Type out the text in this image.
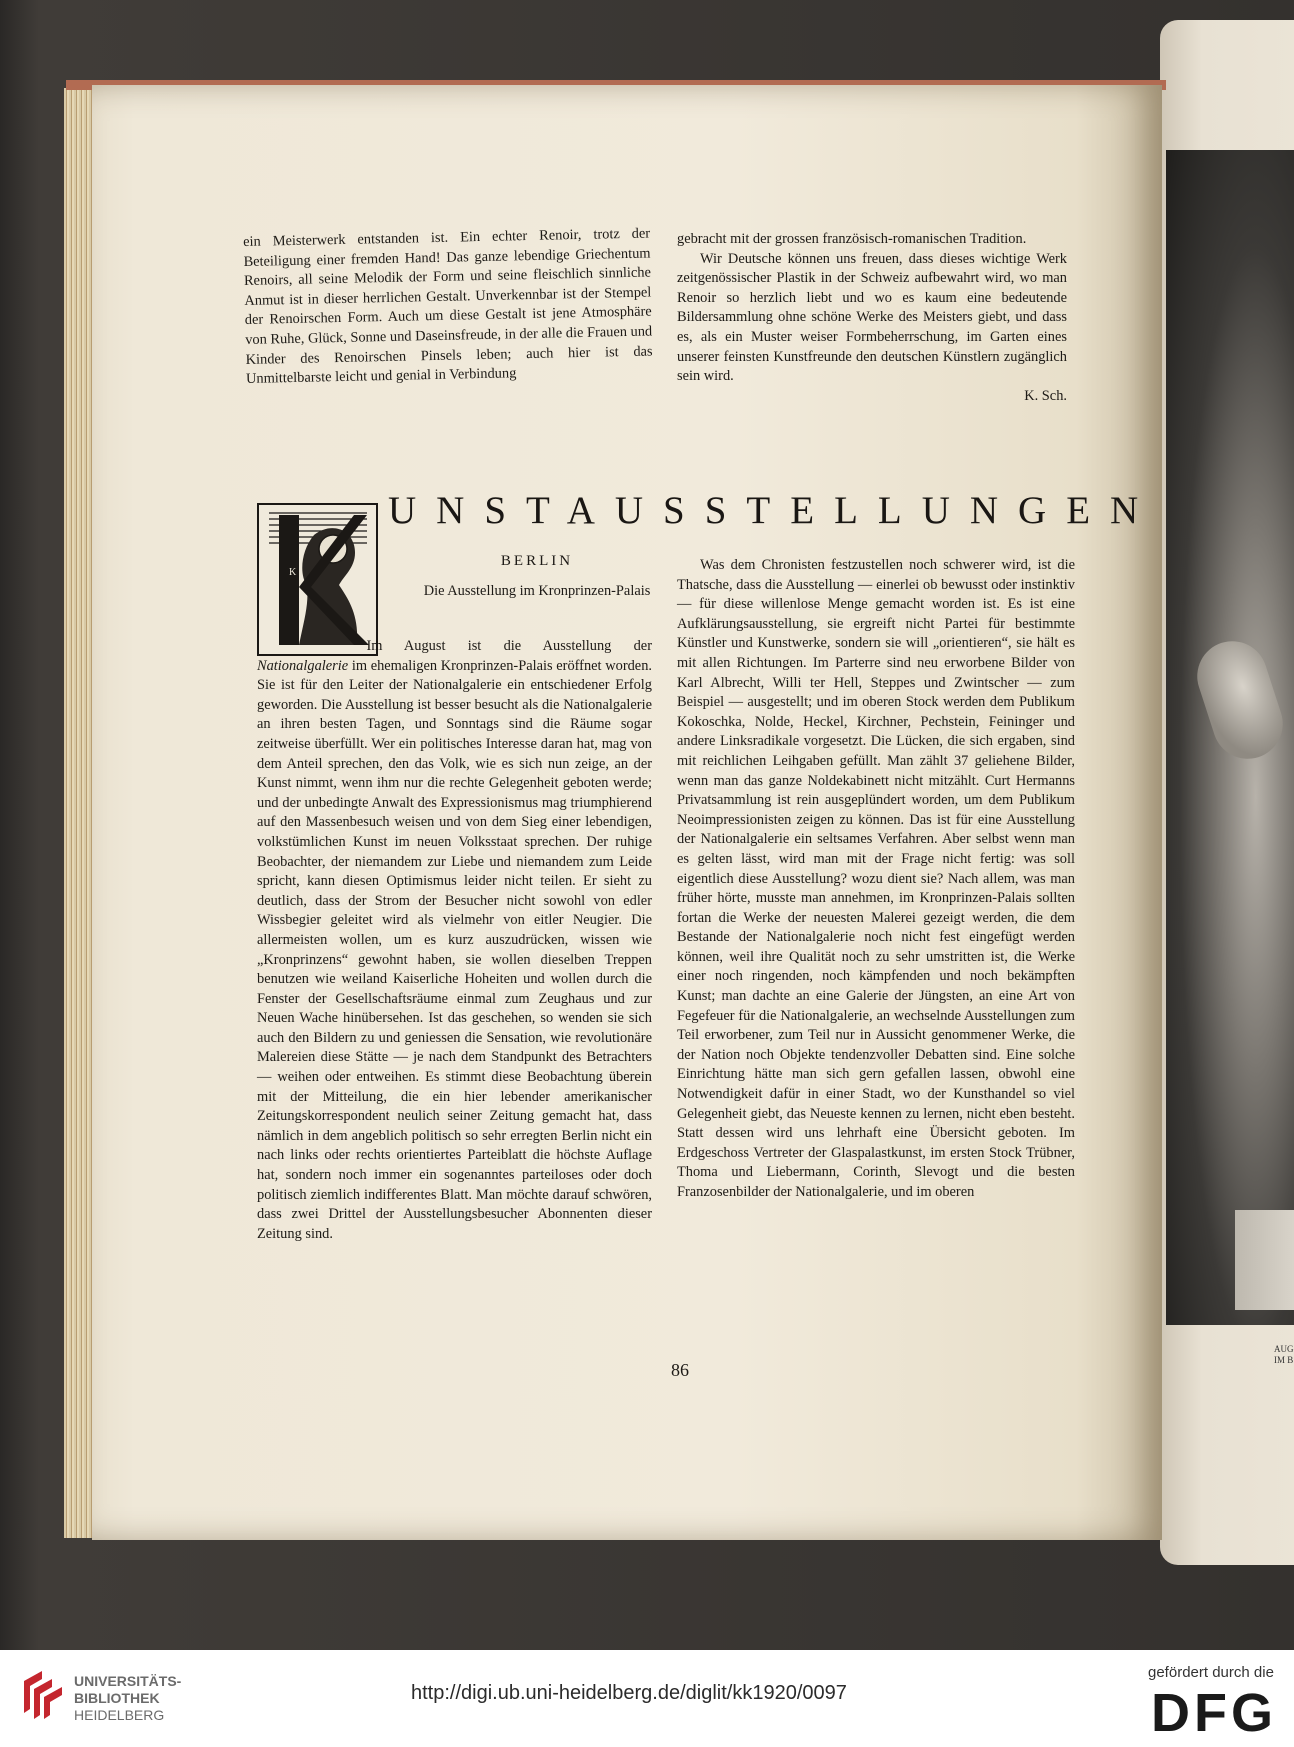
AUG
IM B

ein Meisterwerk entstanden ist. Ein echter Renoir, trotz der Beteiligung einer fremden Hand! Das ganze lebendige Griechentum Renoirs, all seine Melodik der Form und seine fleischlich sinnliche Anmut ist in dieser herrlichen Gestalt. Unverkennbar ist der Stempel der Renoirschen Form. Auch um diese Gestalt ist jene Atmosphäre von Ruhe, Glück, Sonne und Daseinsfreude, in der alle die Frauen und Kinder des Renoirschen Pinsels leben; auch hier ist das Unmittelbarste leicht und genial in Verbindung

gebracht mit der grossen französisch-romanischen Tradition.

Wir Deutsche können uns freuen, dass dieses wichtige Werk zeitgenössischer Plastik in der Schweiz aufbewahrt wird, wo man Renoir so herzlich liebt und wo es kaum eine bedeutende Bildersammlung ohne schöne Werke des Meisters giebt, und dass es, als ein Muster weiser Formbeherrschung, im Garten eines unserer feinsten Kunstfreunde den deutschen Künstlern zugänglich sein wird.

K. Sch.

K
UNSTAUSSTELLUNGEN
BERLIN
Die Ausstellung im Kronprinzen-Palais

Im August ist die Ausstellung der Nationalgalerie im ehemaligen Kronprinzen-Palais eröffnet worden. Sie ist für den Leiter der Nationalgalerie ein entschiedener Erfolg geworden. Die Ausstellung ist besser besucht als die Nationalgalerie an ihren besten Tagen, und Sonntags sind die Räume sogar zeitweise überfüllt. Wer ein politisches Interesse daran hat, mag von dem Anteil sprechen, den das Volk, wie es sich nun zeige, an der Kunst nimmt, wenn ihm nur die rechte Gelegenheit geboten werde; und der unbedingte Anwalt des Expressionismus mag triumphierend auf den Massenbesuch weisen und von dem Sieg einer lebendigen, volkstümlichen Kunst im neuen Volksstaat sprechen. Der ruhige Beobachter, der niemandem zur Liebe und niemandem zum Leide spricht, kann diesen Optimismus leider nicht teilen. Er sieht zu deutlich, dass der Strom der Besucher nicht sowohl von edler Wissbegier geleitet wird als vielmehr von eitler Neugier. Die allermeisten wollen, um es kurz auszudrücken, wissen wie „Kronprinzens“ gewohnt haben, sie wollen dieselben Treppen benutzen wie weiland Kaiserliche Hoheiten und wollen durch die Fenster der Gesellschaftsräume einmal zum Zeughaus und zur Neuen Wache hinübersehen. Ist das geschehen, so wenden sie sich auch den Bildern zu und geniessen die Sensation, wie revolutionäre Malereien diese Stätte — je nach dem Standpunkt des Betrachters — weihen oder entweihen. Es stimmt diese Beobachtung überein mit der Mitteilung, die ein hier lebender amerikanischer Zeitungskorrespondent neulich seiner Zeitung gemacht hat, dass nämlich in dem angeblich politisch so sehr erregten Berlin nicht ein nach links oder rechts orientiertes Parteiblatt die höchste Auflage hat, sondern noch immer ein sogenanntes parteiloses oder doch politisch ziemlich indifferentes Blatt. Man möchte darauf schwören, dass zwei Drittel der Ausstellungsbesucher Abonnenten dieser Zeitung sind.

Was dem Chronisten festzustellen noch schwerer wird, ist die Thatsche, dass die Ausstellung — einerlei ob bewusst oder instinktiv — für diese willenlose Menge gemacht worden ist. Es ist eine Aufklärungsausstellung, sie ergreift nicht Partei für bestimmte Künstler und Kunstwerke, sondern sie will „orientieren“, sie hält es mit allen Richtungen. Im Parterre sind neu erworbene Bilder von Karl Albrecht, Willi ter Hell, Steppes und Zwintscher — zum Beispiel — ausgestellt; und im oberen Stock werden dem Publikum Kokoschka, Nolde, Heckel, Kirchner, Pechstein, Feininger und andere Linksradikale vorgesetzt. Die Lücken, die sich ergaben, sind mit reichlichen Leihgaben gefüllt. Man zählt 37 geliehene Bilder, wenn man das ganze Noldekabinett nicht mitzählt. Curt Hermanns Privatsammlung ist rein ausgeplündert worden, um dem Publikum Neoimpressionisten zeigen zu können. Das ist für eine Ausstellung der Nationalgalerie ein seltsames Verfahren. Aber selbst wenn man es gelten lässt, wird man mit der Frage nicht fertig: was soll eigentlich diese Ausstellung? wozu dient sie? Nach allem, was man früher hörte, musste man annehmen, im Kronprinzen-Palais sollten fortan die Werke der neuesten Malerei gezeigt werden, die dem Bestande der Nationalgalerie noch nicht fest eingefügt werden können, weil ihre Qualität noch zu sehr umstritten ist, die Werke einer noch ringenden, noch kämpfenden und noch bekämpften Kunst; man dachte an eine Galerie der Jüngsten, an eine Art von Fegefeuer für die Nationalgalerie, an wechselnde Ausstellungen zum Teil erworbener, zum Teil nur in Aussicht genommener Werke, die der Nation noch Objekte tendenzvoller Debatten sind. Eine solche Einrichtung hätte man sich gern gefallen lassen, obwohl eine Notwendigkeit dafür in einer Stadt, wo der Kunsthandel so viel Gelegenheit giebt, das Neueste kennen zu lernen, nicht eben besteht. Statt dessen wird uns lehrhaft eine Übersicht geboten. Im Erdgeschoss Vertreter der Glaspalastkunst, im ersten Stock Trübner, Thoma und Liebermann, Corinth, Slevogt und die besten Franzosenbilder der Nationalgalerie, und im oberen

86
UNIVERSITÄTS-
BIBLIOTHEK
HEIDELBERG
http://digi.ub.uni-heidelberg.de/diglit/kk1920/0097
gefördert durch die
DFG
